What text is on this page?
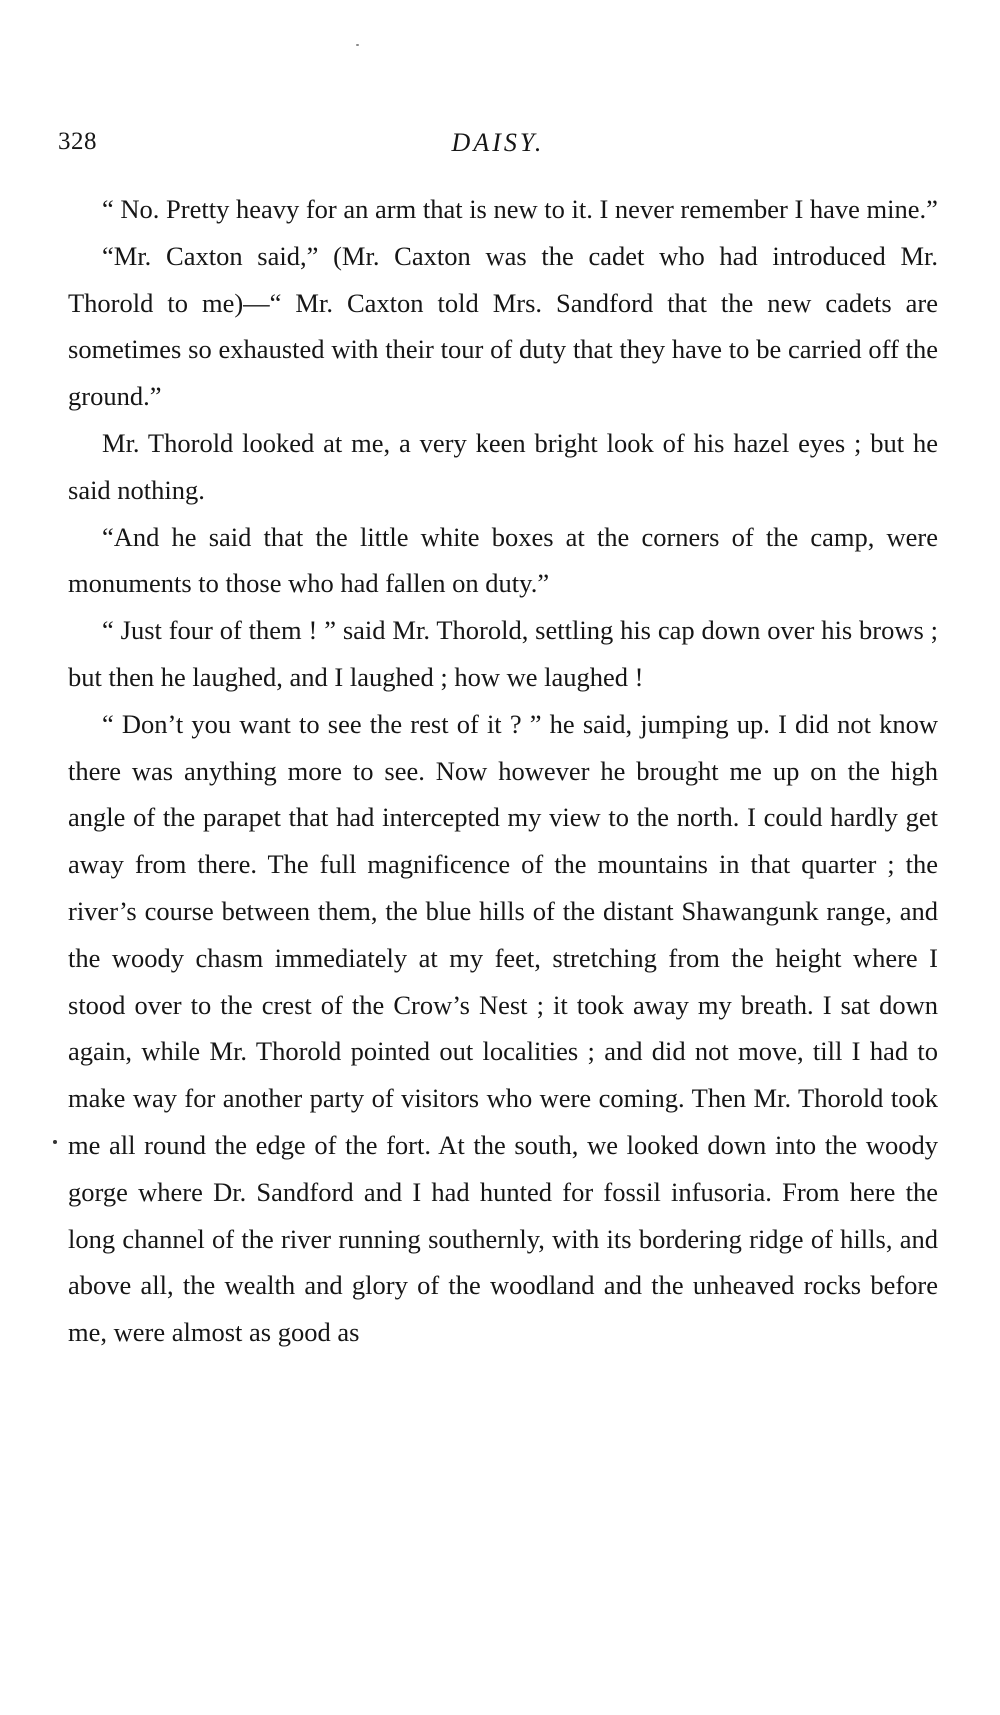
328	DAISY.

“ No. Pretty heavy for an arm that is new to it. I never remember I have mine.”

“Mr. Caxton said,” (Mr. Caxton was the cadet who had introduced Mr. Thorold to me)—“ Mr. Caxton told Mrs. Sandford that the new cadets are sometimes so exhausted with their tour of duty that they have to be carried off the ground.”

Mr. Thorold looked at me, a very keen bright look of his hazel eyes ; but he said nothing.

“And he said that the little white boxes at the corners of the camp, were monuments to those who had fallen on duty.”

“ Just four of them ! ” said Mr. Thorold, settling his cap down over his brows ; but then he laughed, and I laughed ; how we laughed !

“ Don’t you want to see the rest of it ? ” he said, jumping up. I did not know there was anything more to see. Now however he brought me up on the high angle of the parapet that had intercepted my view to the north. I could hardly get away from there. The full magnificence of the mountains in that quarter ; the river’s course between them, the blue hills of the distant Shawangunk range, and the woody chasm immediately at my feet, stretching from the height where I stood over to the crest of the Crow’s Nest ; it took away my breath. I sat down again, while Mr. Thorold pointed out localities ; and did not move, till I had to make way for another party of visitors who were coming. Then Mr. Thorold took me all round the edge of the fort. At the south, we looked down into the woody gorge where Dr. Sandford and I had hunted for fossil infusoria. From here the long channel of the river running southernly, with its bordering ridge of hills, and above all, the wealth and glory of the woodland and the unheaved rocks before me, were almost as good as
